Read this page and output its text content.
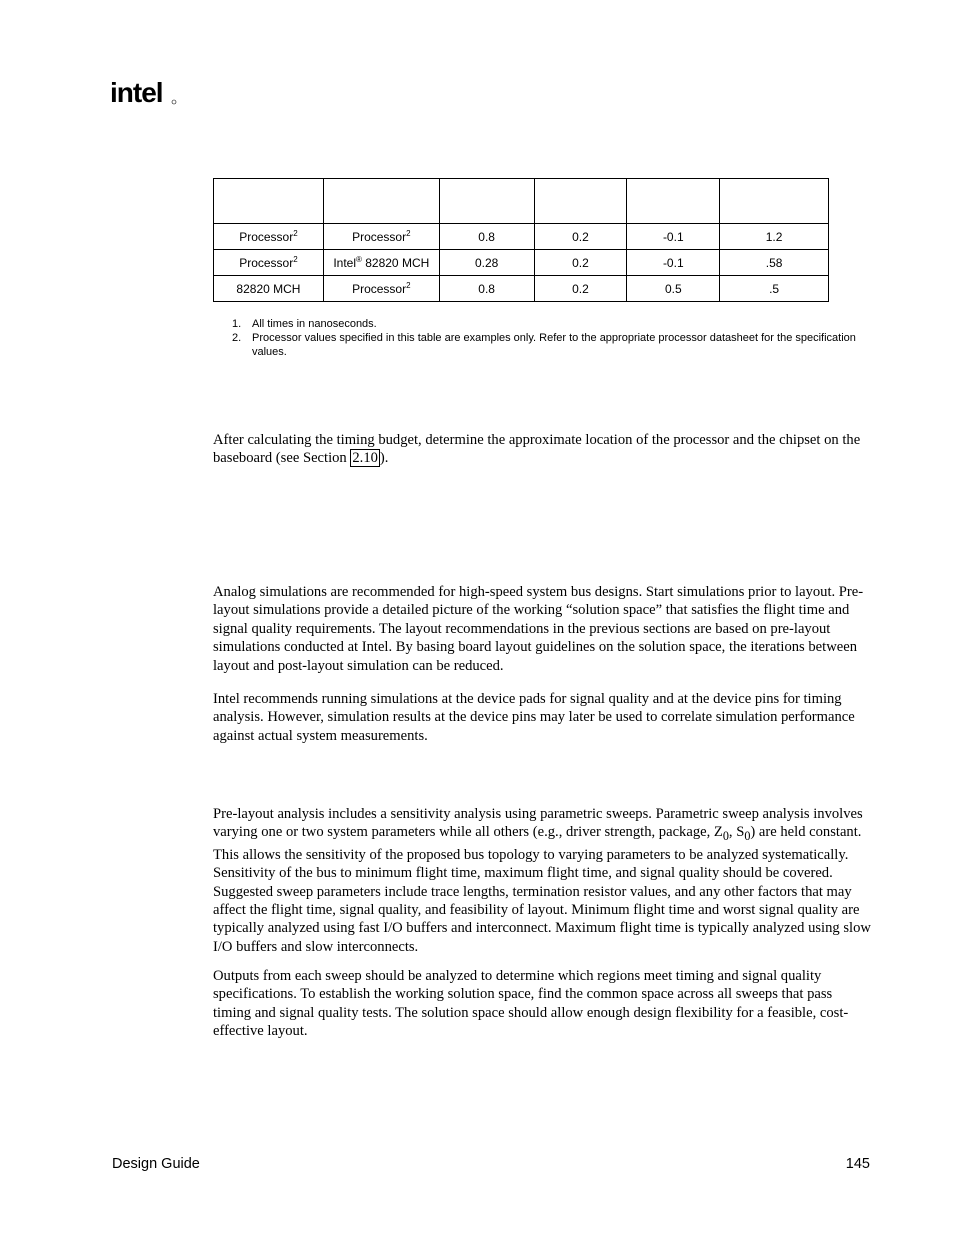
intel

Processor$^2$	Processor$^2$	0.8	0.2	-0.1	1.2
Processor$^2$	Intel® 82820 MCH	0.28	0.2	-0.1	.58
82820 MCH	Processor$^2$	0.8	0.2	0.5	.5
1. All times in nanoseconds.
2. Processor values specified in this table are examples only. Refer to the appropriate processor datasheet for the specification values.

After calculating the timing budget, determine the approximate location of the processor and the chipset on the baseboard (see Section 2.10 ).

Analog simulations are recommended for high-speed system bus designs. Start simulations prior to layout. Pre-layout simulations provide a detailed picture of the working “solution space” that satisfies the flight time and signal quality requirements. The layout recommendations in the previous sections are based on pre-layout simulations conducted at Intel. By basing board layout guidelines on the solution space, the iterations between layout and post-layout simulation can be reduced.

Intel recommends running simulations at the device pads for signal quality and at the device pins for timing analysis. However, simulation results at the device pins may later be used to correlate simulation performance against actual system measurements.

Pre-layout analysis includes a sensitivity analysis using parametric sweeps. Parametric sweep analysis involves varying one or two system parameters while all others (e.g., driver strength, package, $Z_0$, $S_0$) are held constant. This allows the sensitivity of the proposed bus topology to varying parameters to be analyzed systematically. Sensitivity of the bus to minimum flight time, maximum flight time, and signal quality should be covered. Suggested sweep parameters include trace lengths, termination resistor values, and any other factors that may affect the flight time, signal quality, and feasibility of layout. Minimum flight time and worst signal quality are typically analyzed using fast I/O buffers and interconnect. Maximum flight time is typically analyzed using slow I/O buffers and slow interconnects.

Outputs from each sweep should be analyzed to determine which regions meet timing and signal quality specifications. To establish the working solution space, find the common space across all sweeps that pass timing and signal quality tests. The solution space should allow enough design flexibility for a feasible, cost-effective layout.

Design Guide	145
